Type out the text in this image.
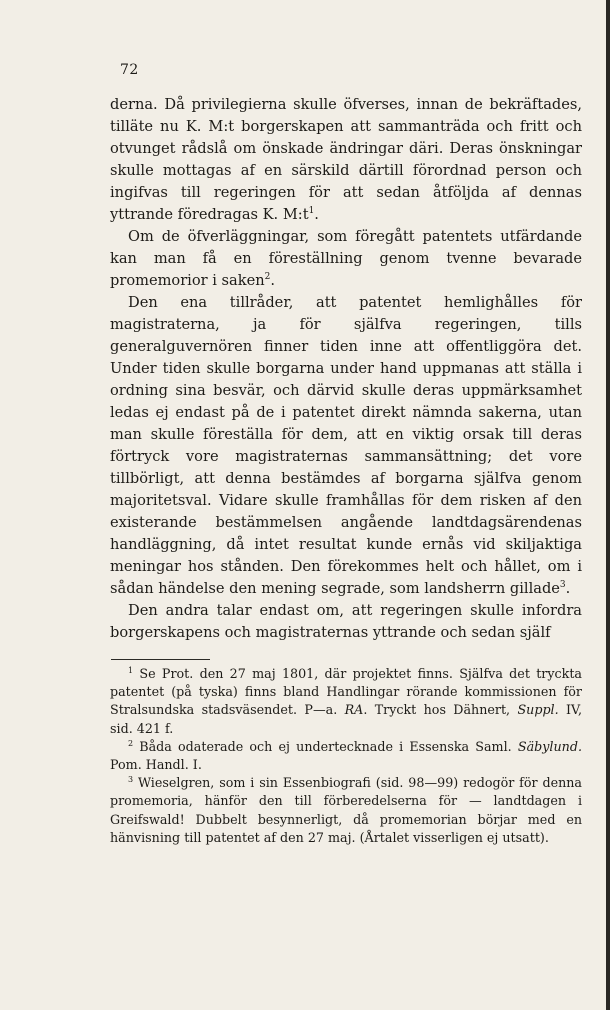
72

derna. Då privilegierna skulle öfverses, innan de bekräftades, tilläte nu K. M:t borgerskapen att sammanträda och fritt och otvunget rådslå om önskade ändringar däri. Deras önskningar skulle mottagas af en särskild därtill förordnad person och ingifvas till regeringen för att sedan åtföljda af dennas yttrande föredragas K. M:t$^1$.

Om de öfverläggningar, som föregått patentets utfärdande kan man få en föreställning genom tvenne bevarade promemorior i saken$^2$.

Den ena tillråder, att patentet hemlighålles för magistraterna, ja för själfva regeringen, tills generalguvernören finner tiden inne att offentliggöra det. Under tiden skulle borgarna under hand uppmanas att ställa i ordning sina besvär, och därvid skulle deras uppmärksamhet ledas ej endast på de i patentet direkt nämnda sakerna, utan man skulle föreställa för dem, att en viktig orsak till deras förtryck vore magistraternas sammansättning; det vore tillbörligt, att denna bestämdes af borgarna själfva genom majoritetsval. Vidare skulle framhållas för dem risken af den existerande bestämmelsen angående landtdagsärendenas handläggning, då intet resultat kunde ernås vid skiljaktiga meningar hos stånden. Den förekommes helt och hållet, om i sådan händelse den mening segrade, som landsherrn gillade$^3$.

Den andra talar endast om, att regeringen skulle infordra borgerskapens och magistraternas yttrande och sedan själf

$^1$ Se Prot. den 27 maj 1801, där projektet finns. Själfva det tryckta patentet (på tyska) finns bland Handlingar rörande kommissionen för Stralsundska stadsväsendet. P—a. RA. Tryckt hos Dähnert, Suppl. IV, sid. 421 f.

$^2$ Båda odaterade och ej undertecknade i Essenska Saml. Säbylund. Pom. Handl. I.

$^3$ Wieselgren, som i sin Essenbiografi (sid. 98—99) redogör för denna promemoria, hänför den till förberedelserna för — landtdagen i Greifswald! Dubbelt besynnerligt, då promemorian börjar med en hänvisning till patentet af den 27 maj. (Årtalet visserligen ej utsatt).
